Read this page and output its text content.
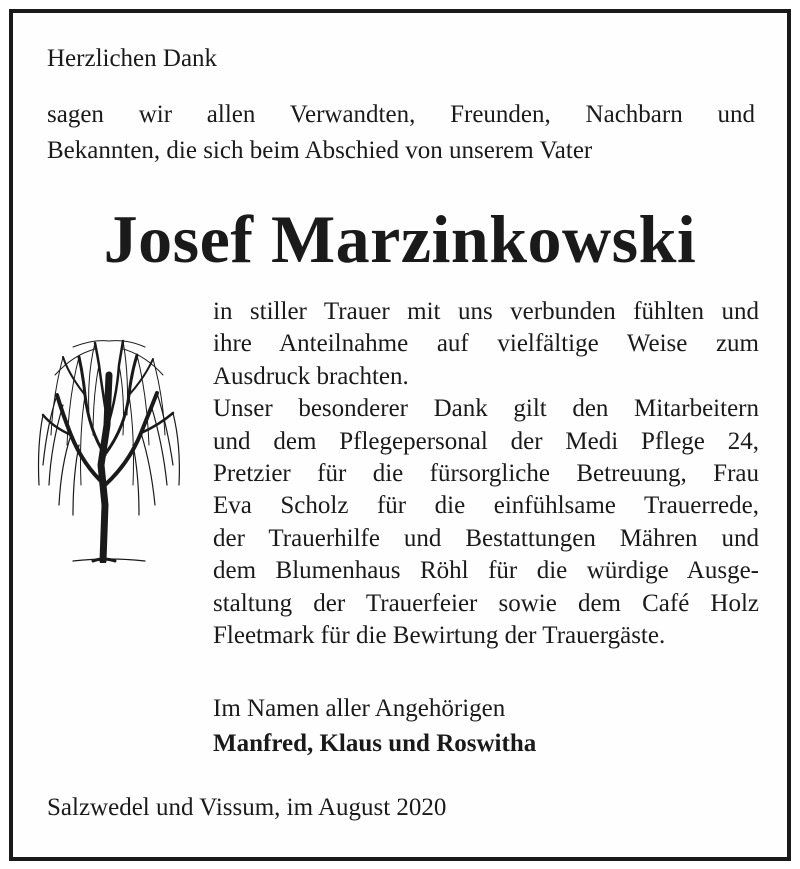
Herzlichen Dank
sagen wir allen Verwandten, Freunden, Nachbarn und
Bekannten, die sich beim Abschied von unserem Vater
Josef Marzinkowski
in stiller Trauer mit uns verbunden fühlten und
ihre Anteilnahme auf vielfältige Weise zum
Ausdruck brachten.
Unser besonderer Dank gilt den Mitarbeitern
und dem Pflegepersonal der Medi Pflege 24,
Pretzier für die fürsorgliche Betreuung, Frau
Eva Scholz für die einfühlsame Trauerrede,
der Trauerhilfe und Bestattungen Mähren und
dem Blumenhaus Röhl für die würdige Ausge-
staltung der Trauerfeier sowie dem Café Holz
Fleetmark für die Bewirtung der Trauergäste.
Im Namen aller Angehörigen
Manfred, Klaus und Roswitha
Salzwedel und Vissum, im August 2020
